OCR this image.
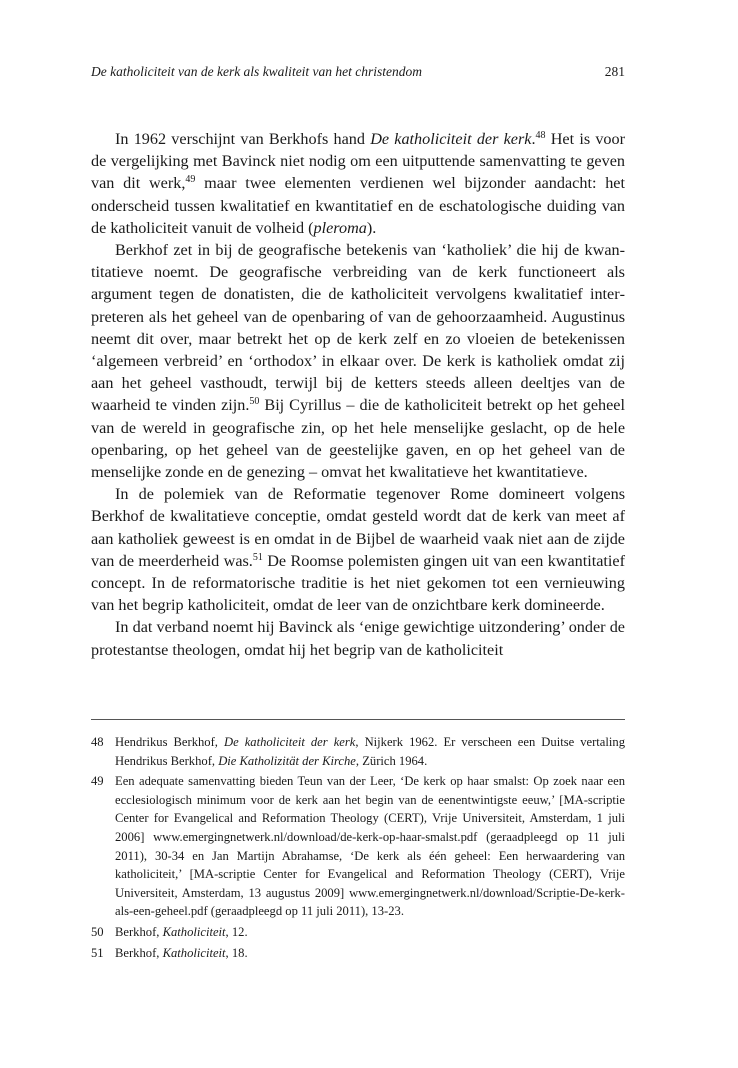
De katholiciteit van de kerk als kwaliteit van het christendom	281

In 1962 verschijnt van Berkhofs hand De katholiciteit der kerk.$^{48}$ Het is voor de vergelijking met Bavinck niet nodig om een uitputtende samenvatting te geven van dit werk,$^{49}$ maar twee elementen verdienen wel bijzonder aandacht: het onderscheid tussen kwalitatief en kwantitatief en de eschatologische duiding van de katholiciteit vanuit de volheid (pleroma).

Berkhof zet in bij de geografische betekenis van ‘katholiek’ die hij de kwantitatieve noemt. De geografische verbreiding van de kerk functioneert als argument tegen de donatisten, die de katholiciteit vervolgens kwalitatief interpreteren als het geheel van de openbaring of van de gehoorzaamheid. Augustinus neemt dit over, maar betrekt het op de kerk zelf en zo vloeien de betekenissen ‘algemeen verbreid’ en ‘orthodox’ in elkaar over. De kerk is katholiek omdat zij aan het geheel vasthoudt, terwijl bij de ketters steeds alleen deeltjes van de waarheid te vinden zijn.$^{50}$ Bij Cyrillus – die de katholiciteit betrekt op het geheel van de wereld in geografische zin, op het hele menselijke geslacht, op de hele openbaring, op het geheel van de geestelijke gaven, en op het geheel van de menselijke zonde en de genezing – omvat het kwalitatieve het kwantitatieve.

In de polemiek van de Reformatie tegenover Rome domineert volgens Berkhof de kwalitatieve conceptie, omdat gesteld wordt dat de kerk van meet af aan katholiek geweest is en omdat in de Bijbel de waarheid vaak niet aan de zijde van de meerderheid was.$^{51}$ De Roomse polemisten gingen uit van een kwantitatief concept. In de reformatorische traditie is het niet gekomen tot een vernieuwing van het begrip katholiciteit, omdat de leer van de onzichtbare kerk domineerde.

In dat verband noemt hij Bavinck als ‘enige gewichtige uitzondering’ onder de protestantse theologen, omdat hij het begrip van de katholiciteit

48 Hendrikus Berkhof, De katholiciteit der kerk, Nijkerk 1962. Er verscheen een Duitse vertaling Hendrikus Berkhof, Die Katholizität der Kirche, Zürich 1964.
49 Een adequate samenvatting bieden Teun van der Leer, ‘De kerk op haar smalst: Op zoek naar een ecclesiologisch minimum voor de kerk aan het begin van de eenentwintigste eeuw,’ [MA-scriptie Center for Evangelical and Reformation Theology (CERT), Vrije Universiteit, Amsterdam, 1 juli 2006] www.emergingnetwerk.nl/download/de-kerk-op-haar-smalst.pdf (geraadpleegd op 11 juli 2011), 30-34 en Jan Martijn Abrahamse, ‘De kerk als één geheel: Een herwaardering van katholiciteit,’ [MA-scriptie Center for Evangelical and Reformation Theology (CERT), Vrije Universiteit, Amsterdam, 13 augustus 2009] www.emergingnetwerk.nl/download/Scriptie-De-kerk-als-een-geheel.pdf (geraadpleegd op 11 juli 2011), 13-23.
50 Berkhof, Katholiciteit, 12.
51 Berkhof, Katholiciteit, 18.
